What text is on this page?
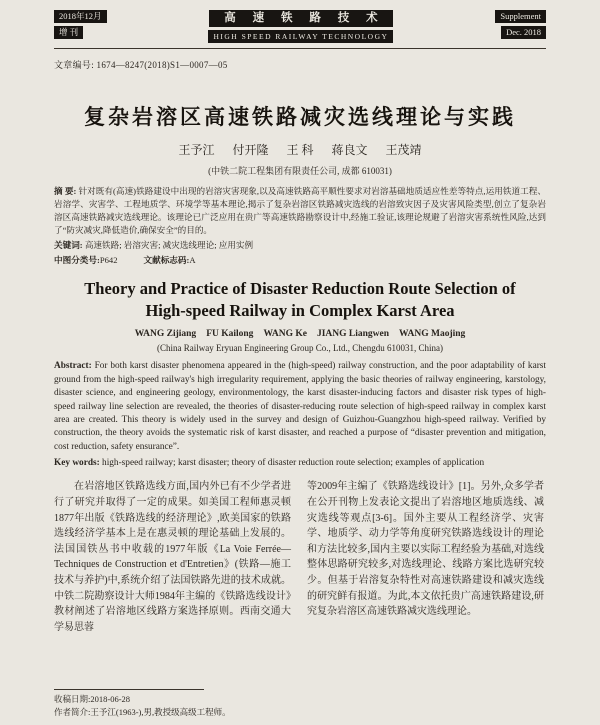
2018年12月
增 刊
高 速 铁 路 技 术
HIGH SPEED RAILWAY TECHNOLOGY
Supplement
Dec. 2018
文章编号: 1674—8247(2018)S1—0007—05
复杂岩溶区高速铁路减灾选线理论与实践
王予江 付开隆 王 科 蒋良文 王茂靖
(中铁二院工程集团有限责任公司, 成都 610031)
摘 要: 针对既有(高速)铁路建设中出现的岩溶灾害现象,以及高速铁路高平顺性要求对岩溶基础地质适应性差等特点,运用铁道工程、岩溶学、灾害学、工程地质学、环境学等基本理论,揭示了复杂岩溶区铁路减灾选线的岩溶致灾因子及灾害风险类型,创立了复杂岩溶区高速铁路减灾选线理论。该理论已广泛应用在贵广等高速铁路勘察设计中,经施工验证,该理论规避了岩溶灾害系统性风险,达到了“防灾减灾,降低造价,确保安全”的目的。
关键词: 高速铁路; 岩溶灾害; 减灾选线理论; 应用实例
中图分类号:P642	文献标志码:A
Theory and Practice of Disaster Reduction Route Selection of
High-speed Railway in Complex Karst Area
WANG Zijiang FU Kailong WANG Ke JIANG Liangwen WANG Maojing
(China Railway Eryuan Engineering Group Co., Ltd., Chengdu 610031, China)
Abstract: For both karst disaster phenomena appeared in the (high-speed) railway construction, and the poor adaptability of karst ground from the high-speed railway's high irregularity requirement, applying the basic theories of railway engineering, karstology, disaster science, and engineering geology, environmentology, the karst disaster-inducing factors and disaster risk types of high-speed railway line selection are revealed, the theories of disaster-reducing route selection of high-speed railway in complex karst area are created. This theory is widely used in the survey and design of Guizhou-Guangzhou high-speed railway. Verified by construction, the theory avoids the systematic risk of karst disaster, and reached a purpose of “disaster prevention and mitigation, cost reduction, safety ensurance”.
Key words: high-speed railway; karst disaster; theory of disaster reduction route selection; examples of application

在岩溶地区铁路选线方面,国内外已有不少学者进行了研究并取得了一定的成果。如美国工程师惠灵顿1877年出版《铁路选线的经济理论》,欧美国家的铁路选线经济学基本上是在惠灵顿的理论基础上发展的。法国国铁丛书中收载的1977年版《La Voie Ferrée—Techniques de Construction et d'Entretien》(铁路—施工技术与养护)中,系统介绍了法国铁路先进的技术成就。中铁二院勘察设计大师1984年主编的《铁路选线设计》教材阐述了岩溶地区线路方案选择原则。西南交通大学易思蓉

等2009年主编了《铁路选线设计》[1]。另外,众多学者在公开刊物上发表论文提出了岩溶地区地质选线、减灾选线等观点[3-6]。国外主要从工程经济学、灾害学、地质学、动力学等角度研究铁路选线设计的理论和方法比较多,国内主要以实际工程经验为基础,对选线整体思路研究较多,对选线理论、线路方案比选研究较少。但基于岩溶复杂特性对高速铁路建设和减灾选线的研究鲜有报道。为此,本文依托贵广高速铁路建设,研究复杂岩溶区高速铁路减灾选线理论。
收稿日期:2018-06-28
作者简介:王予江(1963-),男,教授级高级工程师。
